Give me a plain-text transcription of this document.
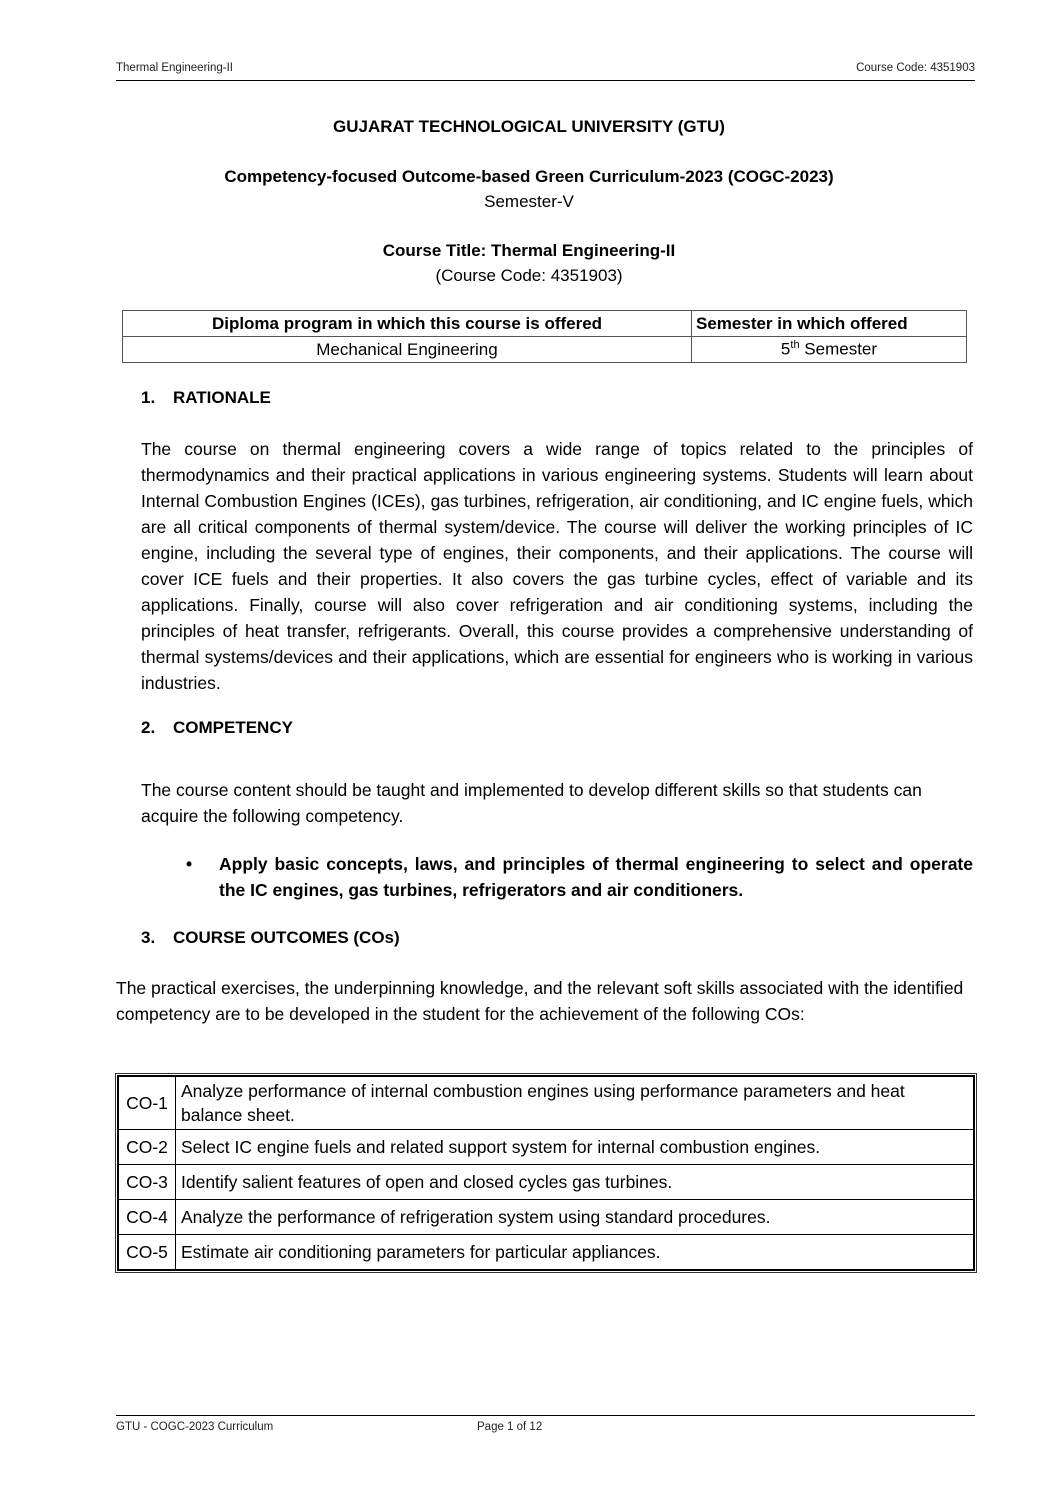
Thermal Engineering-II	Course Code: 4351903
GUJARAT TECHNOLOGICAL UNIVERSITY (GTU)
Competency-focused Outcome-based Green Curriculum-2023 (COGC-2023)
Semester-V
Course Title: Thermal Engineering-II
(Course Code: 4351903)
Diploma program in which this course is offered	Semester in which offered
Mechanical Engineering	5th Semester
1. RATIONALE
The course on thermal engineering covers a wide range of topics related to the principles of thermodynamics and their practical applications in various engineering systems. Students will learn about Internal Combustion Engines (ICEs), gas turbines, refrigeration, air conditioning, and IC engine fuels, which are all critical components of thermal system/device. The course will deliver the working principles of IC engine, including the several type of engines, their components, and their applications. The course will cover ICE fuels and their properties. It also covers the gas turbine cycles, effect of variable and its applications. Finally, course will also cover refrigeration and air conditioning systems, including the principles of heat transfer, refrigerants. Overall, this course provides a comprehensive understanding of thermal systems/devices and their applications, which are essential for engineers who is working in various industries.
2. COMPETENCY
The course content should be taught and implemented to develop different skills so that students can acquire the following competency.
• Apply basic concepts, laws, and principles of thermal engineering to select and operate the IC engines, gas turbines, refrigerators and air conditioners.
3. COURSE OUTCOMES (COs)
The practical exercises, the underpinning knowledge, and the relevant soft skills associated with the identified competency are to be developed in the student for the achievement of the following COs:
CO-1	Analyze performance of internal combustion engines using performance parameters and heat balance sheet.
CO-2	Select IC engine fuels and related support system for internal combustion engines.
CO-3	Identify salient features of open and closed cycles gas turbines.
CO-4	Analyze the performance of refrigeration system using standard procedures.
CO-5	Estimate air conditioning parameters for particular appliances.
GTU - COGC-2023 Curriculum	Page 1 of 12
